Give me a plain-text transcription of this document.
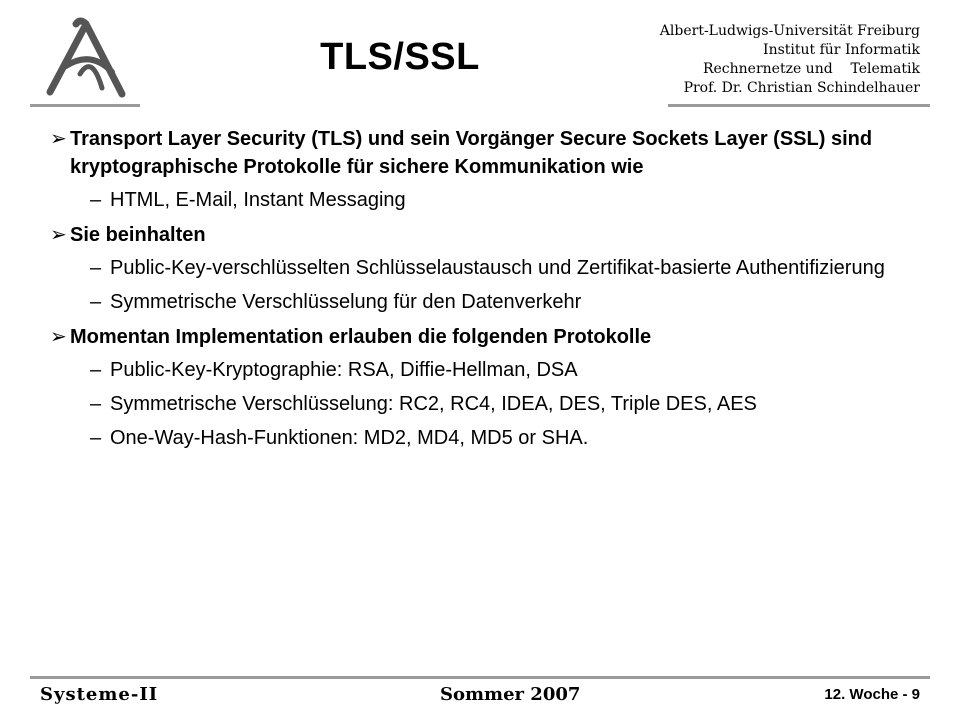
TLS/SSL
Albert-Ludwigs-Universität Freiburg
Institut für Informatik
Rechnernetze und    Telematik
Prof. Dr. Christian Schindelhauer
➢ Transport Layer Security (TLS) und sein Vorgänger Secure Sockets Layer (SSL) sind kryptographische Protokolle für sichere Kommunikation wie
– HTML, E-Mail, Instant Messaging
➢ Sie beinhalten
– Public-Key-verschlüsselten Schlüsselaustausch und Zertifikat-basierte Authentifizierung
– Symmetrische Verschlüsselung für den Datenverkehr
➢ Momentan Implementation erlauben die folgenden Protokolle
– Public-Key-Kryptographie: RSA, Diffie-Hellman, DSA
– Symmetrische Verschlüsselung: RC2, RC4, IDEA, DES, Triple DES, AES
– One-Way-Hash-Funktionen: MD2, MD4, MD5 or SHA.
Systeme-II	Sommer 2007	12. Woche - 9
